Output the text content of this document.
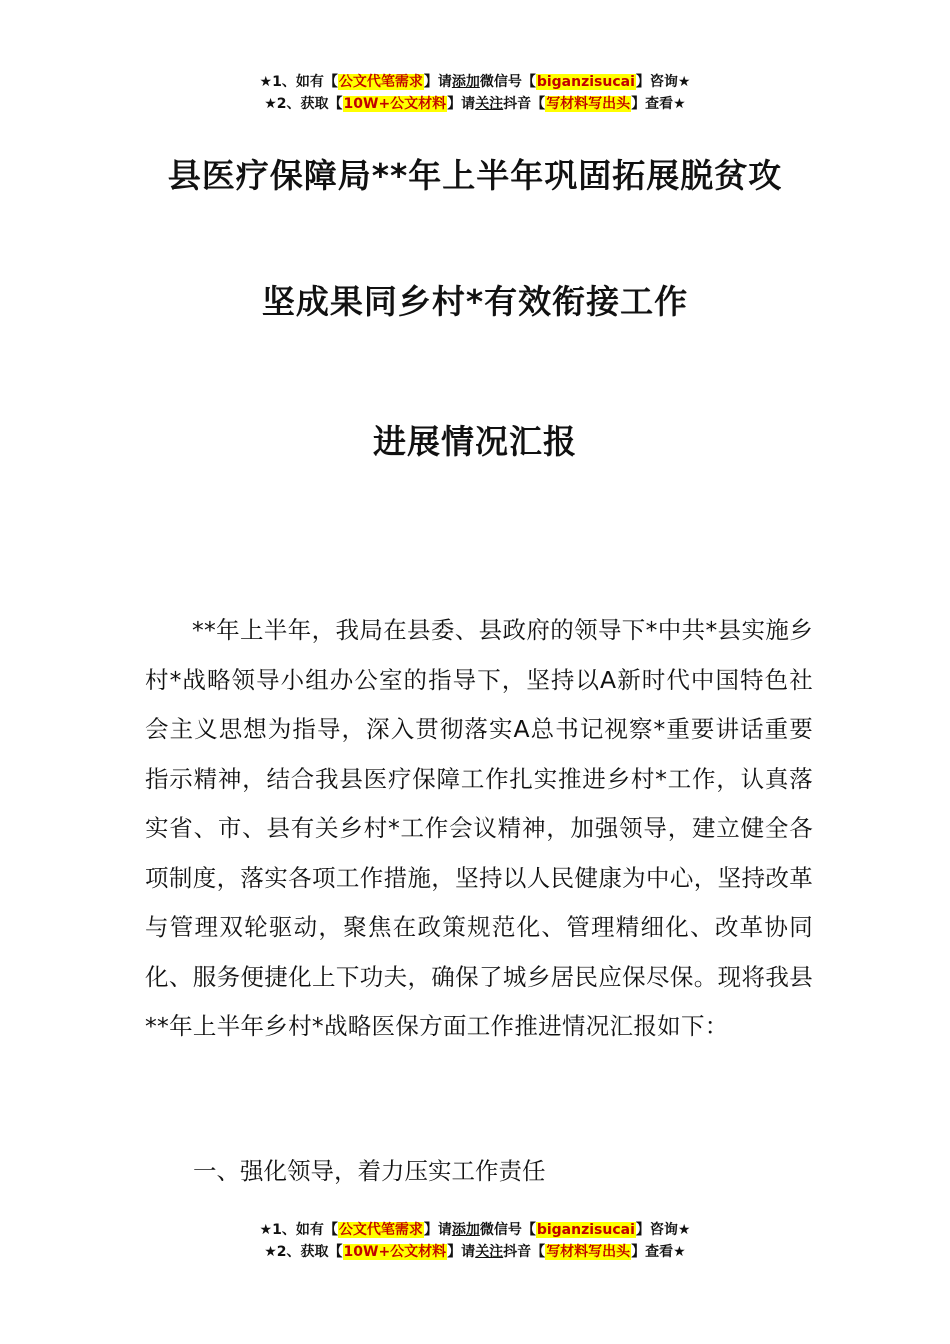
★1、如有【公文代笔需求】请添加微信号【biganzisucai】咨询★
★2、获取【10W+公文材料】请关注抖音【写材料写出头】查看★
县医疗保障局**年上半年巩固拓展脱贫攻
坚成果同乡村*有效衔接工作
进展情况汇报
**年上半年，我局在县委、县政府的领导下*中共*县实施乡村*战略领导小组办公室的指导下，坚持以A新时代中国特色社会主义思想为指导，深入贯彻落实A总书记视察*重要讲话重要指示精神，结合我县医疗保障工作扎实推进乡村*工作，认真落实省、市、县有关乡村*工作会议精神，加强领导，建立健全各项制度，落实各项工作措施，坚持以人民健康为中心，坚持改革与管理双轮驱动，聚焦在政策规范化、管理精细化、改革协同化、服务便捷化上下功夫，确保了城乡居民应保尽保。现将我县**年上半年乡村*战略医保方面工作推进情况汇报如下：
一、强化领导，着力压实工作责任
★1、如有【公文代笔需求】请添加微信号【biganzisucai】咨询★
★2、获取【10W+公文材料】请关注抖音【写材料写出头】查看★
